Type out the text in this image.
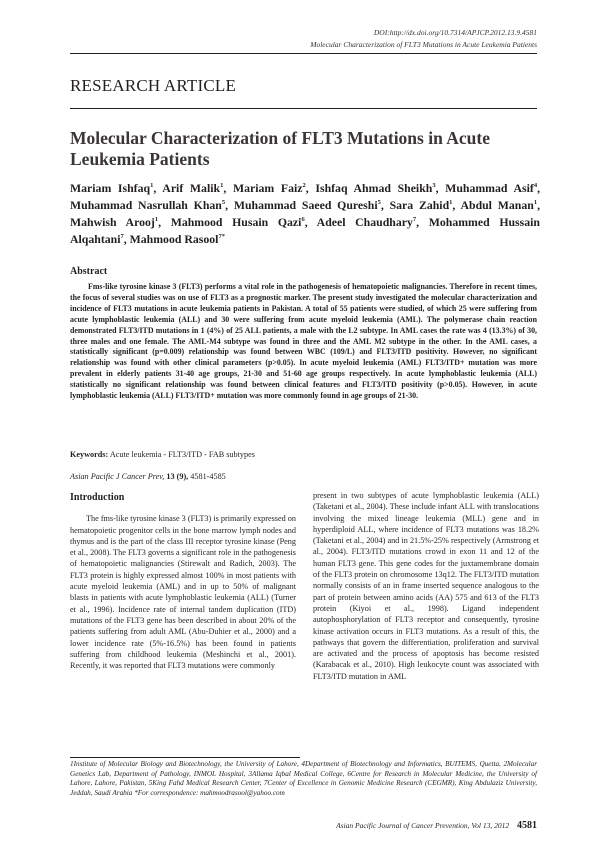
DOI:http://dx.doi.org/10.7314/APJCP.2012.13.9.4581
Molecular Characterization of FLT3 Mutations in Acute Leukemia Patients
RESEARCH ARTICLE
Molecular Characterization of FLT3 Mutations in Acute Leukemia Patients
Mariam Ishfaq$^1$, Arif Malik$^1$, Mariam Faiz$^2$, Ishfaq Ahmad Sheikh$^3$, Muhammad Asif$^4$, Muhammad Nasrullah Khan$^5$, Muhammad Saeed Qureshi$^5$, Sara Zahid$^1$, Abdul Manan$^1$, Mahwish Arooj$^1$, Mahmood Husain Qazi$^6$, Adeel Chaudhary$^7$, Mohammed Hussain Alqahtani$^7$, Mahmood Rasool$^{7*}$
Abstract
Fms-like tyrosine kinase 3 (FLT3) performs a vital role in the pathogenesis of hematopoietic malignancies. Therefore in recent times, the focus of several studies was on use of FLT3 as a prognostic marker. The present study investigated the molecular characterization and incidence of FLT3 mutations in acute leukemia patients in Pakistan. A total of 55 patients were studied, of which 25 were suffering from acute lymphoblastic leukemia (ALL) and 30 were suffering from acute myeloid leukemia (AML). The polymerase chain reaction demonstrated FLT3/ITD mutations in 1 (4%) of 25 ALL patients, a male with the L2 subtype. In AML cases the rate was 4 (13.3%) of 30, three males and one female. The AML-M4 subtype was found in three and the AML M2 subtype in the other. In the AML cases, a statistically significant (p=0.009) relationship was found between WBC (109/L) and FLT3/ITD positivity. However, no significant relationship was found with other clinical parameters (p>0.05). In acute myeloid leukemia (AML) FLT3/ITD+ mutation was more prevalent in elderly patients 31-40 age groups, 21-30 and 51-60 age groups respectively. In acute lymphoblastic leukemia (ALL) statistically no significant relationship was found between clinical features and FLT3/ITD positivity (p>0.05). However, in acute lymphoblastic leukemia (ALL) FLT3/ITD+ mutation was more commonly found in age groups of 21-30.
Keywords: Acute leukemia - FLT3/ITD - FAB subtypes
Asian Pacific J Cancer Prev, 13 (9), 4581-4585
Introduction

The fms-like tyrosine kinase 3 (FLT3) is primarily expressed on hematopoietic progenitor cells in the bone marrow lymph nodes and thymus and is the part of the class III receptor tyrosine kinase (Peng et al., 2008). The FLT3 governs a significant role in the pathogenesis of hematopoietic malignancies (Stirewalt and Radich, 2003). The FLT3 protein is highly expressed almost 100% in most patients with acute myeloid leukemia (AML) and in up to 50% of malignant blasts in patients with acute lymphoblastic leukemia (ALL) (Turner et al., 1996). Incidence rate of internal tandem duplication (ITD) mutations of the FLT3 gene has been described in about 20% of the patients suffering from adult AML (Abu-Duhier et al., 2000) and a lower incidence rate (5%-16.5%) has been found in patients suffering from childhood leukemia (Meshinchi et al., 2001). Recently, it was reported that FLT3 mutations were commonly

present in two subtypes of acute lymphoblastic leukemia (ALL) (Taketani et al., 2004). These include infant ALL with translocations involving the mixed lineage leukemia (MLL) gene and in hyperdiploid ALL, where incidence of FLT3 mutations was 18.2% (Taketani et al., 2004) and in 21.5%-25% respectively (Armstrong et al., 2004). FLT3/ITD mutations crowd in exon 11 and 12 of the human FLT3 gene. This gene codes for the juxtamembrane domain of the FLT3 protein on chromosome 13q12. The FLT3/ITD mutation normally consists of an in frame inserted sequence analogous to the part of protein between amino acids (AA) 575 and 613 of the FLT3 protein (Kiyoi et al., 1998). Ligand independent autophosphorylation of FLT3 receptor and consequently, tyrosine kinase activation occurs in FLT3 mutations. As a result of this, the pathways that govern the differentiation, proliferation and survival are activated and the process of apoptosis has become resisted (Karabacak et al., 2010). High leukocyte count was associated with FLT3/ITD mutation in AML

1Institute of Molecular Biology and Biotechnology, the University of Lahore, 4Department of Biotechnology and Informatics, BUITEMS, Quetta, 2Molecular Genetics Lab, Department of Pathology, INMOL Hospital, 3Allama Iqbal Medical College, 6Centre for Research in Molecular Medicine, the University of Lahore, Lahore, Pakistan, 5King Fahd Medical Research Center, 7Center of Excellence in Genomic Medicine Research (CEGMR), King Abdulaziz University, Jeddah, Saudi Arabia *For correspondence: mahmoodrasool@yahoo.com
Asian Pacific Journal of Cancer Prevention, Vol 13, 2012 4581
